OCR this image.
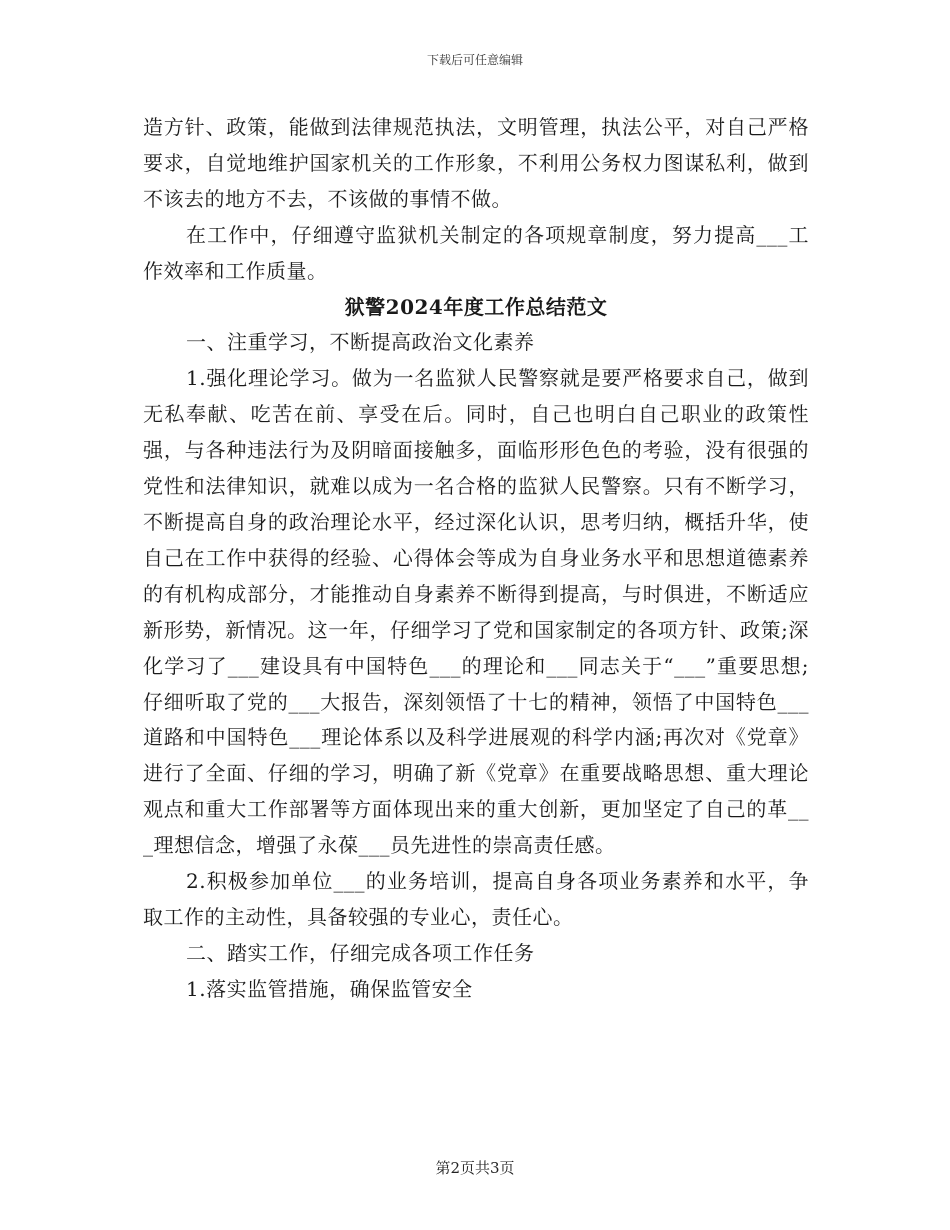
下载后可任意编辑

造方针、政策，能做到法律规范执法，文明管理，执法公平，对自己严格要求，自觉地维护国家机关的工作形象，不利用公务权力图谋私利，做到不该去的地方不去，不该做的事情不做。

在工作中，仔细遵守监狱机关制定的各项规章制度，努力提高___工作效率和工作质量。

狱警2024年度工作总结范文

一、注重学习，不断提高政治文化素养

1.强化理论学习。做为一名监狱人民警察就是要严格要求自己，做到无私奉献、吃苦在前、享受在后。同时，自己也明白自己职业的政策性强，与各种违法行为及阴暗面接触多，面临形形色色的考验，没有很强的党性和法律知识，就难以成为一名合格的监狱人民警察。只有不断学习，不断提高自身的政治理论水平，经过深化认识，思考归纳，概括升华，使自己在工作中获得的经验、心得体会等成为自身业务水平和思想道德素养的有机构成部分，才能推动自身素养不断得到提高，与时俱进，不断适应新形势，新情况。这一年，仔细学习了党和国家制定的各项方针、政策;深化学习了___建设具有中国特色___的理论和___同志关于“___”重要思想;仔细听取了党的___大报告，深刻领悟了十七的精神，领悟了中国特色___道路和中国特色___理论体系以及科学进展观的科学内涵;再次对《党章》进行了全面、仔细的学习，明确了新《党章》在重要战略思想、重大理论观点和重大工作部署等方面体现出来的重大创新，更加坚定了自己的革___理想信念，增强了永葆___员先进性的崇高责任感。

2.积极参加单位___的业务培训，提高自身各项业务素养和水平，争取工作的主动性，具备较强的专业心，责任心。

二、踏实工作，仔细完成各项工作任务

1.落实监管措施，确保监管安全

第2页共3页
